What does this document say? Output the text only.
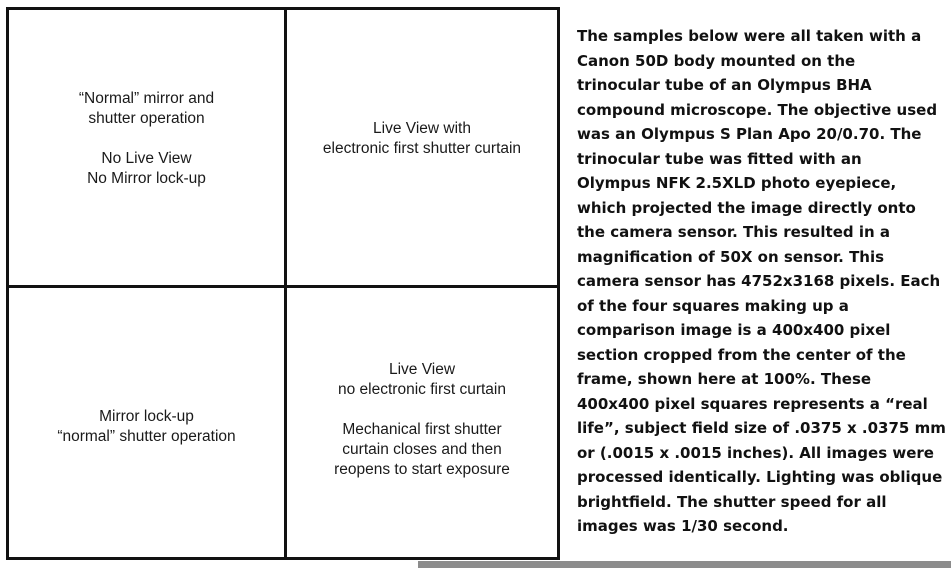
“Normal” mirror and
shutter operation
No Live View
No Mirror lock-up
Live View with
electronic first shutter curtain
Mirror lock-up
“normal” shutter operation
Live View
no electronic first curtain
Mechanical first shutter
curtain closes and then
reopens to start exposure
The samples below were all taken with a
Canon 50D body mounted on the
trinocular tube of an Olympus BHA
compound microscope. The objective used
was an Olympus S Plan Apo 20/0.70. The
trinocular tube was fitted with an
Olympus NFK 2.5XLD photo eyepiece,
which projected the image directly onto
the camera sensor. This resulted in a
magnification of 50X on sensor. This
camera sensor has 4752x3168 pixels. Each
of the four squares making up a
comparison image is a 400x400 pixel
section cropped from the center of the
frame, shown here at 100%. These
400x400 pixel squares represents a “real
life”, subject field size of .0375 x .0375 mm
or (.0015 x .0015 inches). All images were
processed identically. Lighting was oblique
brightfield. The shutter speed for all
images was 1/30 second.
